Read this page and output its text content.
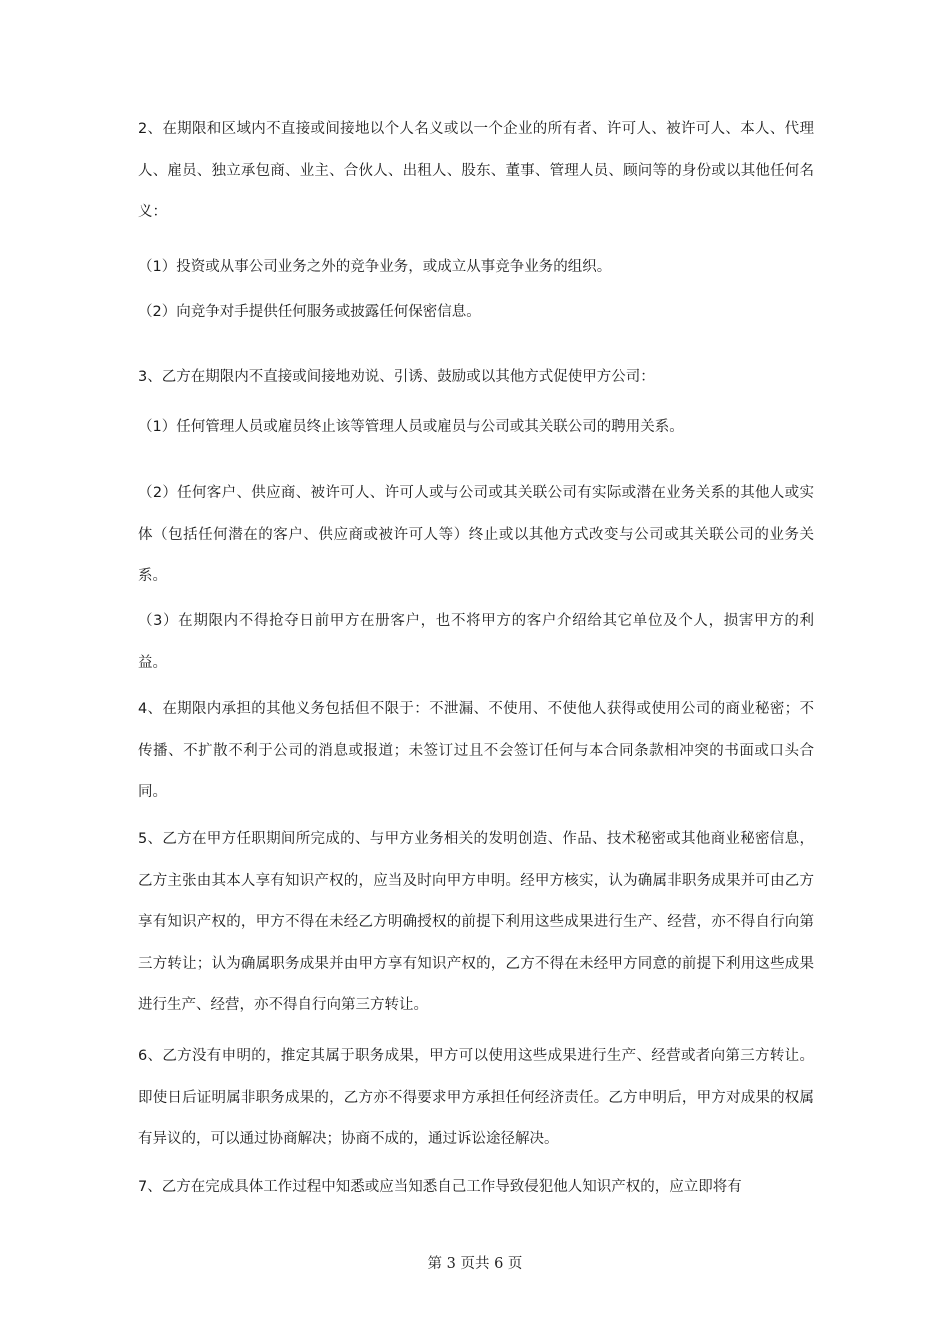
2、在期限和区域内不直接或间接地以个人名义或以一个企业的所有者、许可人、被许可人、本人、代理人、雇员、独立承包商、业主、合伙人、出租人、股东、董事、管理人员、顾问等的身份或以其他任何名义：

（1）投资或从事公司业务之外的竞争业务，或成立从事竞争业务的组织。

（2）向竞争对手提供任何服务或披露任何保密信息。

3、乙方在期限内不直接或间接地劝说、引诱、鼓励或以其他方式促使甲方公司：

（1）任何管理人员或雇员终止该等管理人员或雇员与公司或其关联公司的聘用关系。

（2）任何客户、供应商、被许可人、许可人或与公司或其关联公司有实际或潜在业务关系的其他人或实体（包括任何潜在的客户、供应商或被许可人等）终止或以其他方式改变与公司或其关联公司的业务关系。

（3）在期限内不得抢夺日前甲方在册客户，也不将甲方的客户介绍给其它单位及个人，损害甲方的利益。

4、在期限内承担的其他义务包括但不限于：不泄漏、不使用、不使他人获得或使用公司的商业秘密；不传播、不扩散不利于公司的消息或报道；未签订过且不会签订任何与本合同条款相冲突的书面或口头合同。

5、乙方在甲方任职期间所完成的、与甲方业务相关的发明创造、作品、技术秘密或其他商业秘密信息，乙方主张由其本人享有知识产权的，应当及时向甲方申明。经甲方核实，认为确属非职务成果并可由乙方享有知识产权的，甲方不得在未经乙方明确授权的前提下利用这些成果进行生产、经营，亦不得自行向第三方转让；认为确属职务成果并由甲方享有知识产权的，乙方不得在未经甲方同意的前提下利用这些成果进行生产、经营，亦不得自行向第三方转让。

6、乙方没有申明的，推定其属于职务成果，甲方可以使用这些成果进行生产、经营或者向第三方转让。即使日后证明属非职务成果的，乙方亦不得要求甲方承担任何经济责任。乙方申明后，甲方对成果的权属有异议的，可以通过协商解决；协商不成的，通过诉讼途径解决。

7、乙方在完成具体工作过程中知悉或应当知悉自己工作导致侵犯他人知识产权的，应立即将有

第 3 页共 6 页
